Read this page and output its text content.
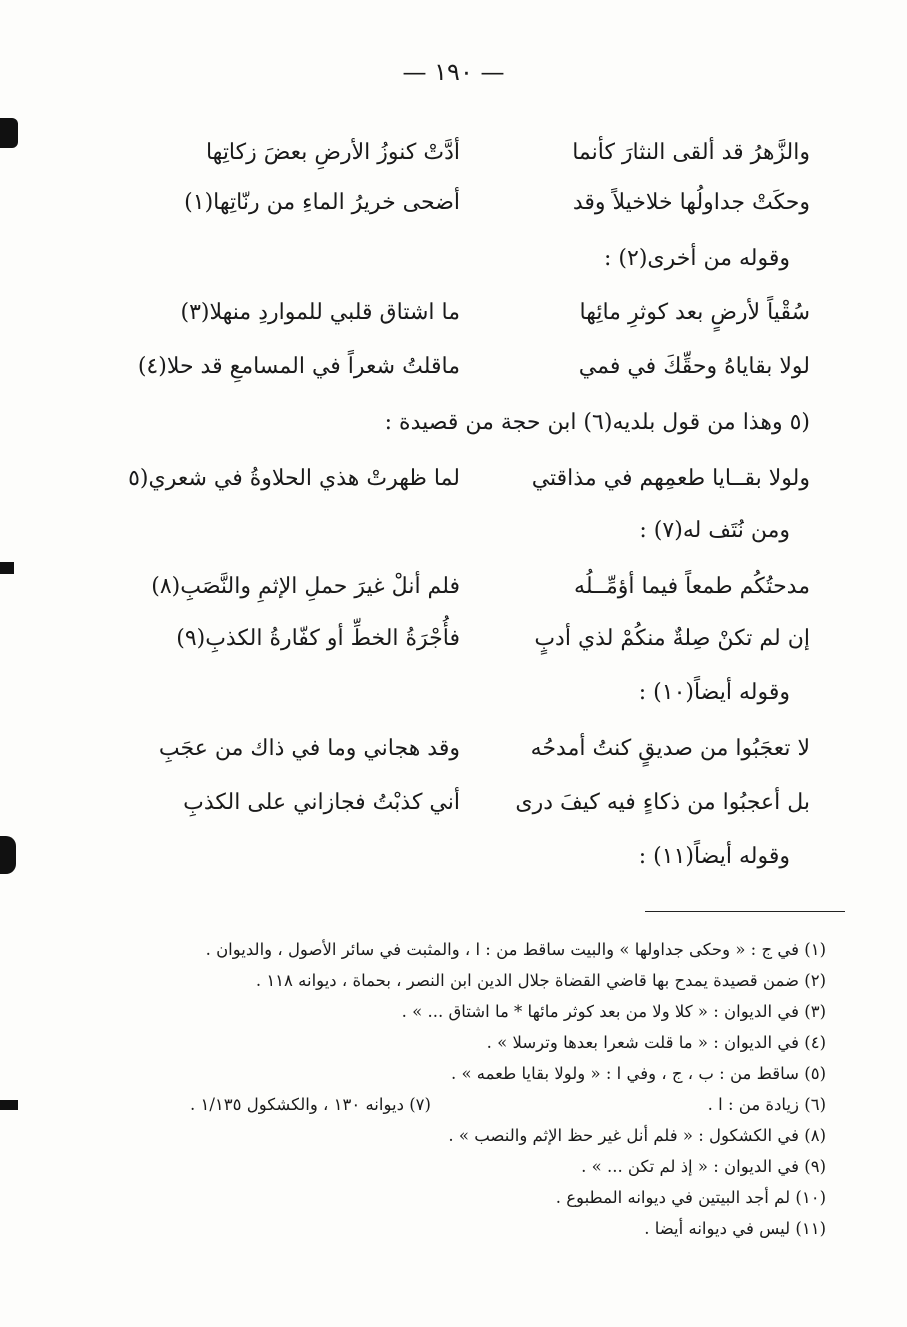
— ١٩٠ —
والزَّهرُ قد ألقى النثارَ كأنما
أدَّتْ كنوزُ الأرضِ بعضَ زكاتِها
وحكَتْ جداولُها خلاخيلاً وقد
أضحى خريرُ الماءِ من رنّاتِها(١)
وقوله من أخرى(٢) :
سُقْياً لأرضٍ بعد كوثرِ مائِها
ما اشتاق قلبي للمواردِ منهلا(٣)
لولا بقاياهُ وحقِّكَ في فمي
ماقلتُ شعراً في المسامعِ قد حلا(٤)
(٥ وهذا من قول بلديه(٦) ابن حجة من قصيدة :
ولولا بقــايا طعمِهم في مذاقتي
لما ظهرتْ هذي الحلاوةُ في شعري(٥
ومن نُتَف له(٧) :
مدحتُكُم طمعاً فيما أؤمِّــلُه
فلم أنلْ غيرَ حملِ الإثمِ والنَّصَبِ(٨)
إن لم تكنْ صِلةٌ منكُمْ لذي أدبٍ
فأُجْرَةُ الخطِّ أو كفّارةُ الكذبِ(٩)
وقوله أيضاً(١٠) :
لا تعجَبُوا من صديقٍ كنتُ أمدحُه
وقد هجاني وما في ذاك من عجَبِ
بل أعجبُوا من ذكاءٍ فيه كيفَ درى
أني كذبْتُ فجازاني على الكذبِ
وقوله أيضاً(١١) :
(١) في ج : « وحكى جداولها » والبيت ساقط من : ا ، والمثبت في سائر الأصول ، والديوان .
(٢) ضمن قصيدة يمدح بها قاضي القضاة جلال الدين ابن النصر ، بحماة ، ديوانه ١١٨ .
(٣) في الديوان : « كلا ولا من بعد كوثر مائها * ما اشتاق ... » .
(٤) في الديوان : « ما قلت شعرا بعدها وترسلا » .
(٥) ساقط من : ب ، ج ، وفي ا : « ولولا بقايا طعمه » .
(٦) زيادة من : ا .
(٧) ديوانه ١٣٠ ، والكشكول ١/١٣٥ .
(٨) في الكشكول : « فلم أنل غير حظ الإثم والنصب » .
(٩) في الديوان : « إذ لم تكن ... » .
(١٠) لم أجد البيتين في ديوانه المطبوع .
(١١) ليس في ديوانه أيضا .
